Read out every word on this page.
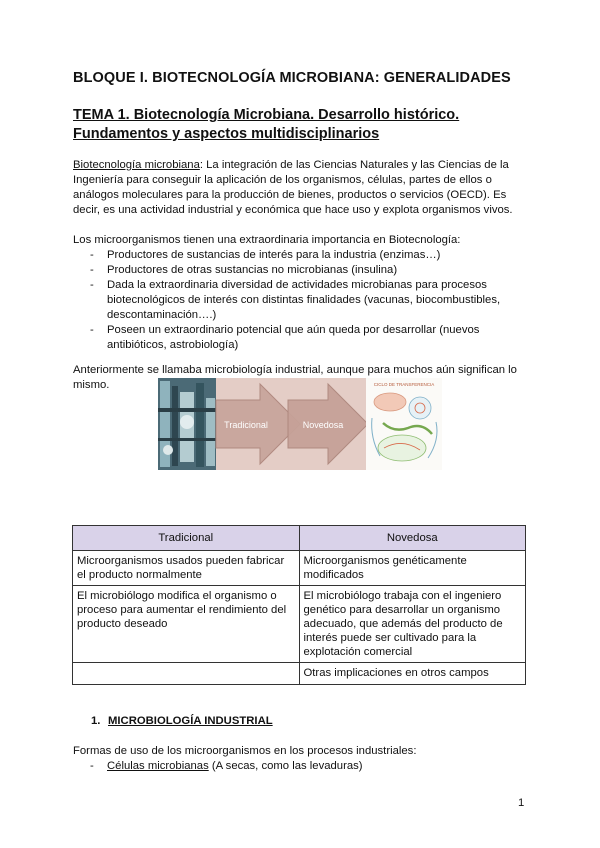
BLOQUE I. BIOTECNOLOGÍA MICROBIANA: GENERALIDADES
TEMA 1. Biotecnología Microbiana. Desarrollo histórico. Fundamentos y aspectos multidisciplinarios
Biotecnología microbiana: La integración de las Ciencias Naturales y las Ciencias de la Ingeniería para conseguir la aplicación de los organismos, células, partes de ellos o análogos moleculares para la producción de bienes, productos o servicios (OECD). Es decir, es una actividad industrial y económica que hace uso y explota organismos vivos.
Los microorganismos tienen una extraordinaria importancia en Biotecnología:
- Productores de sustancias de interés para la industria (enzimas…)
- Productores de otras sustancias no microbianas (insulina)
- Dada la extraordinaria diversidad de actividades microbianas para procesos biotecnológicos de interés con distintas finalidades (vacunas, biocombustibles, descontaminación….)
- Poseen un extraordinario potencial que aún queda por desarrollar (nuevos antibióticos, astrobiología)
Anteriormente se llamaba microbiología industrial, aunque para muchos aún significan lo mismo.
Tradicional	Novedosa
CICLO DE TRANSFERENCIA
Tradicional	Novedosa
Microorganismos usados pueden fabricar el producto normalmente	Microorganismos genéticamente modificados
El microbiólogo modifica el organismo o proceso para aumentar el rendimiento del producto deseado	El microbiólogo trabaja con el ingeniero genético para desarrollar un organismo adecuado, que además del producto de interés puede ser cultivado para la explotación comercial
	Otras implicaciones en otros campos
1. MICROBIOLOGÍA INDUSTRIAL
Formas de uso de los microorganismos en los procesos industriales:
- Células microbianas (A secas, como las levaduras)
1
